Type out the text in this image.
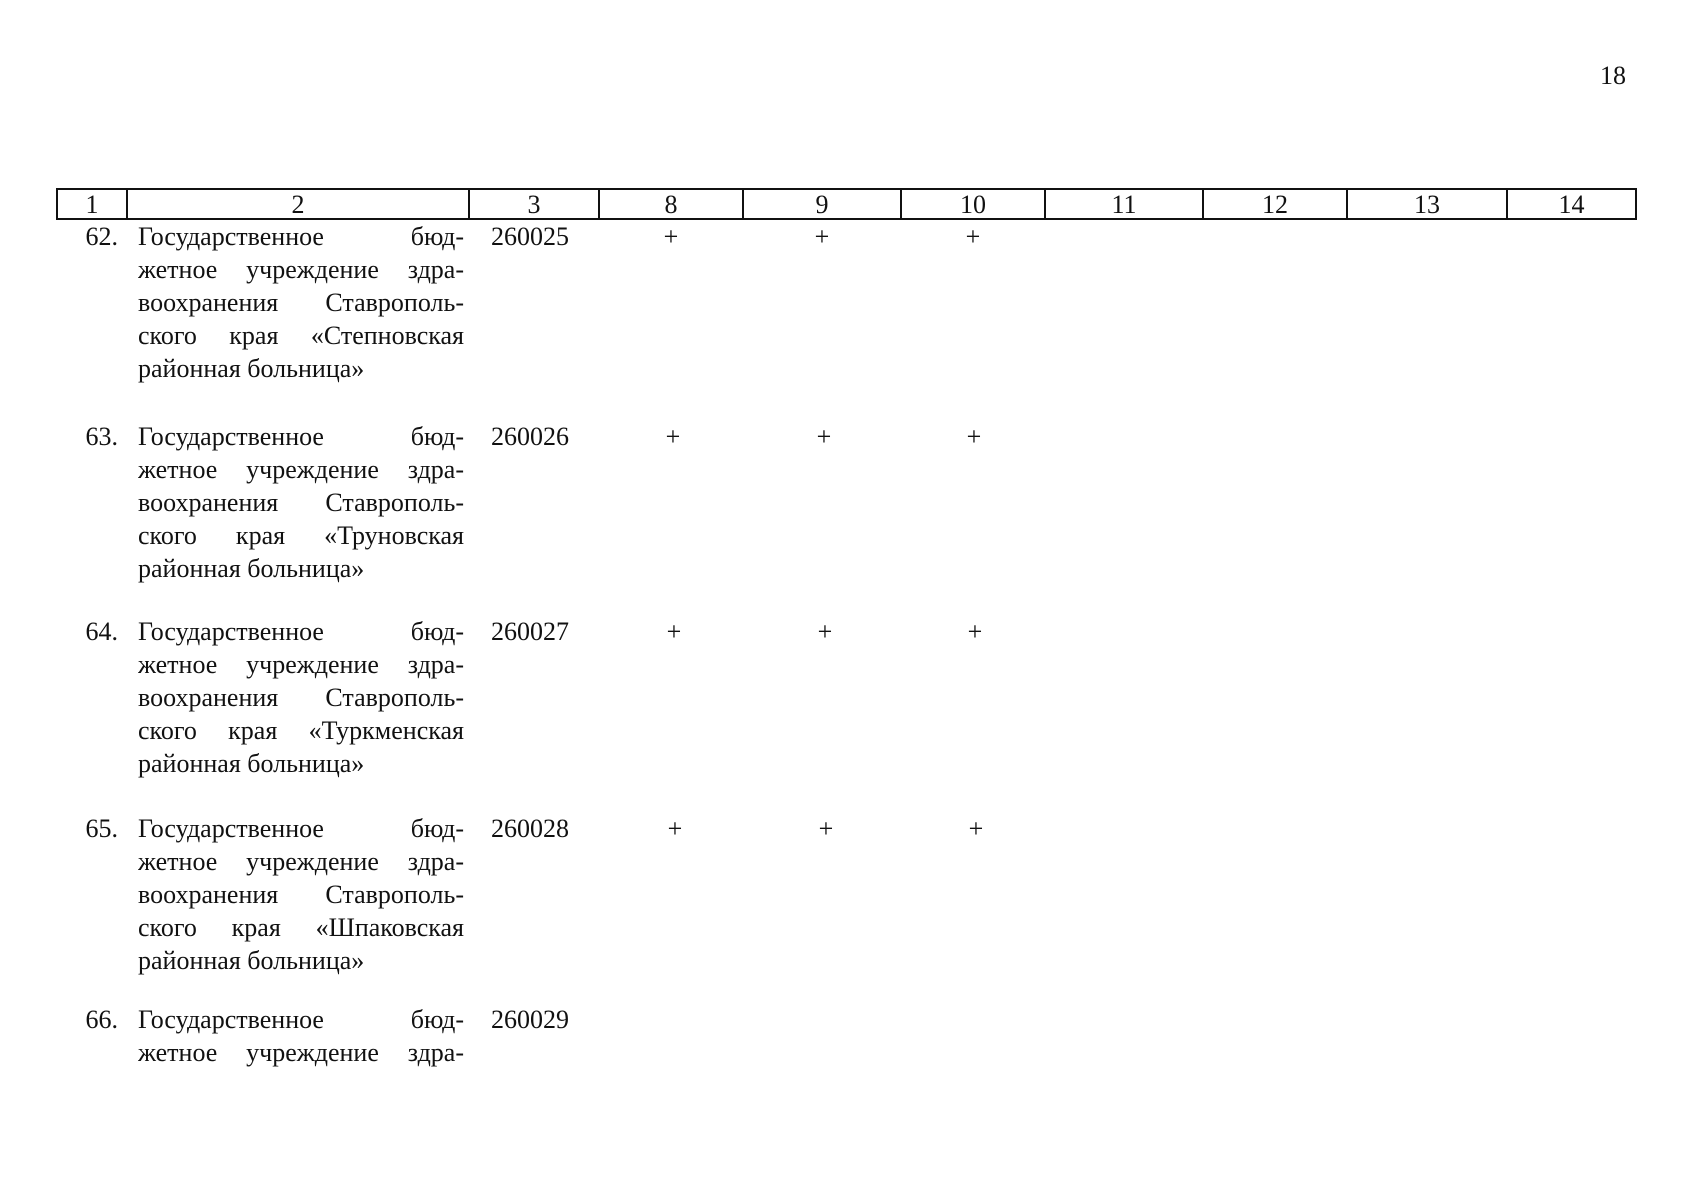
18
1	2	3	8	9	10	11	12	13	14
62. Государственное бюд-
жетное учреждение здра-
воохранения Ставрополь-
ского края «Степновская
районная больница»
260025	+	+	+
63. Государственное бюд-
жетное учреждение здра-
воохранения Ставрополь-
ского края «Труновская
районная больница»
260026	+	+	+
64. Государственное бюд-
жетное учреждение здра-
воохранения Ставрополь-
ского края «Туркменская
районная больница»
260027	+	+	+
65. Государственное бюд-
жетное учреждение здра-
воохранения Ставрополь-
ского края «Шпаковская
районная больница»
260028	+	+	+
66. Государственное бюд-
жетное учреждение здра-
260029
